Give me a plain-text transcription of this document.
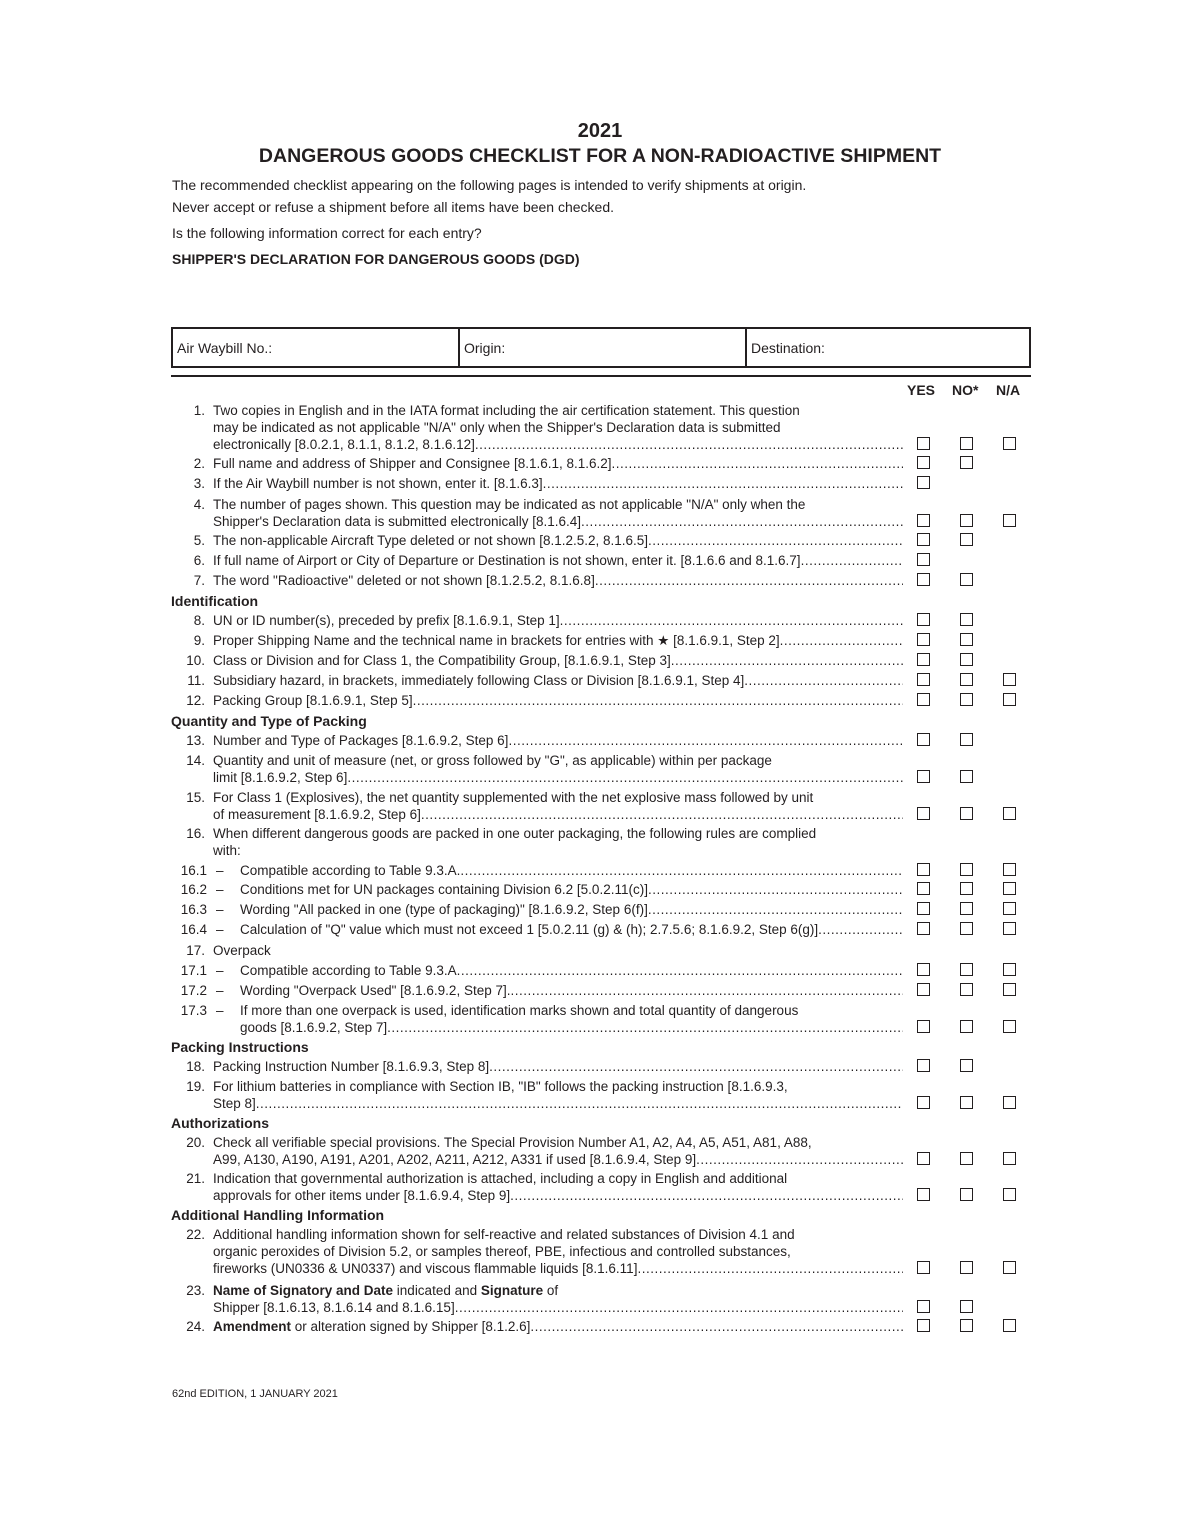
2021
DANGEROUS GOODS CHECKLIST FOR A NON-RADIOACTIVE SHIPMENT
The recommended checklist appearing on the following pages is intended to verify shipments at origin.
Never accept or refuse a shipment before all items have been checked.
Is the following information correct for each entry?
SHIPPER'S DECLARATION FOR DANGEROUS GOODS (DGD)
Air Waybill No.:	Origin:	Destination:
YES NO* N/A
1. Two copies in English and in the IATA format including the air certification statement. This question
may be indicated as not applicable "N/A" only when the Shipper's Declaration data is submitted
electronically [8.0.2.1, 8.1.1, 8.1.2, 8.1.6.12]
.....
2. Full name and address of Shipper and Consignee [8.1.6.1, 8.1.6.2]
.....
3. If the Air Waybill number is not shown, enter it. [8.1.6.3]
.....
4. The number of pages shown. This question may be indicated as not applicable "N/A" only when the
Shipper's Declaration data is submitted electronically [8.1.6.4]
.....
5. The non-applicable Aircraft Type deleted or not shown [8.1.2.5.2, 8.1.6.5]
.....
6. If full name of Airport or City of Departure or Destination is not shown, enter it. [8.1.6.6 and 8.1.6.7]
.....
7. The word "Radioactive" deleted or not shown [8.1.2.5.2, 8.1.6.8]
.....
Identification
8. UN or ID number(s), preceded by prefix [8.1.6.9.1, Step 1]
.....
9. Proper Shipping Name and the technical name in brackets for entries with ★ [8.1.6.9.1, Step 2]
.....
10. Class or Division and for Class 1, the Compatibility Group, [8.1.6.9.1, Step 3]
.....
11. Subsidiary hazard, in brackets, immediately following Class or Division [8.1.6.9.1, Step 4]
.....
12. Packing Group [8.1.6.9.1, Step 5]
.....
Quantity and Type of Packing
13. Number and Type of Packages [8.1.6.9.2, Step 6]
.....
14. Quantity and unit of measure (net, or gross followed by "G", as applicable) within per package
limit [8.1.6.9.2, Step 6]
.....
15. For Class 1 (Explosives), the net quantity supplemented with the net explosive mass followed by unit
of measurement [8.1.6.9.2, Step 6]
.....
16. When different dangerous goods are packed in one outer packaging, the following rules are complied
with:
16.1 – Compatible according to Table 9.3.A.
.....
16.2 – Conditions met for UN packages containing Division 6.2 [5.0.2.11(c)]
.....
16.3 – Wording "All packed in one (type of packaging)" [8.1.6.9.2, Step 6(f)]
.....
16.4 – Calculation of "Q" value which must not exceed 1 [5.0.2.11 (g) & (h); 2.7.5.6; 8.1.6.9.2, Step 6(g)]
.....
17. Overpack
17.1 – Compatible according to Table 9.3.A
.....
17.2 – Wording "Overpack Used" [8.1.6.9.2, Step 7].
.....
17.3 – If more than one overpack is used, identification marks shown and total quantity of dangerous
goods [8.1.6.9.2, Step 7]
.....
Packing Instructions
18. Packing Instruction Number [8.1.6.9.3, Step 8]
.....
19. For lithium batteries in compliance with Section IB, "IB" follows the packing instruction [8.1.6.9.3,
Step 8]
.....
Authorizations
20. Check all verifiable special provisions. The Special Provision Number A1, A2, A4, A5, A51, A81, A88,
A99, A130, A190, A191, A201, A202, A211, A212, A331 if used [8.1.6.9.4, Step 9]
.....
21. Indication that governmental authorization is attached, including a copy in English and additional
approvals for other items under [8.1.6.9.4, Step 9]
.....
Additional Handling Information
22. Additional handling information shown for self-reactive and related substances of Division 4.1 and
organic peroxides of Division 5.2, or samples thereof, PBE, infectious and controlled substances,
fireworks (UN0336 & UN0337) and viscous flammable liquids [8.1.6.11]
.....
23. Name of Signatory and Date indicated and Signature of
Shipper [8.1.6.13, 8.1.6.14 and 8.1.6.15]
.....
24. Amendment or alteration signed by Shipper [8.1.2.6]
.....
62nd EDITION, 1 JANUARY 2021
